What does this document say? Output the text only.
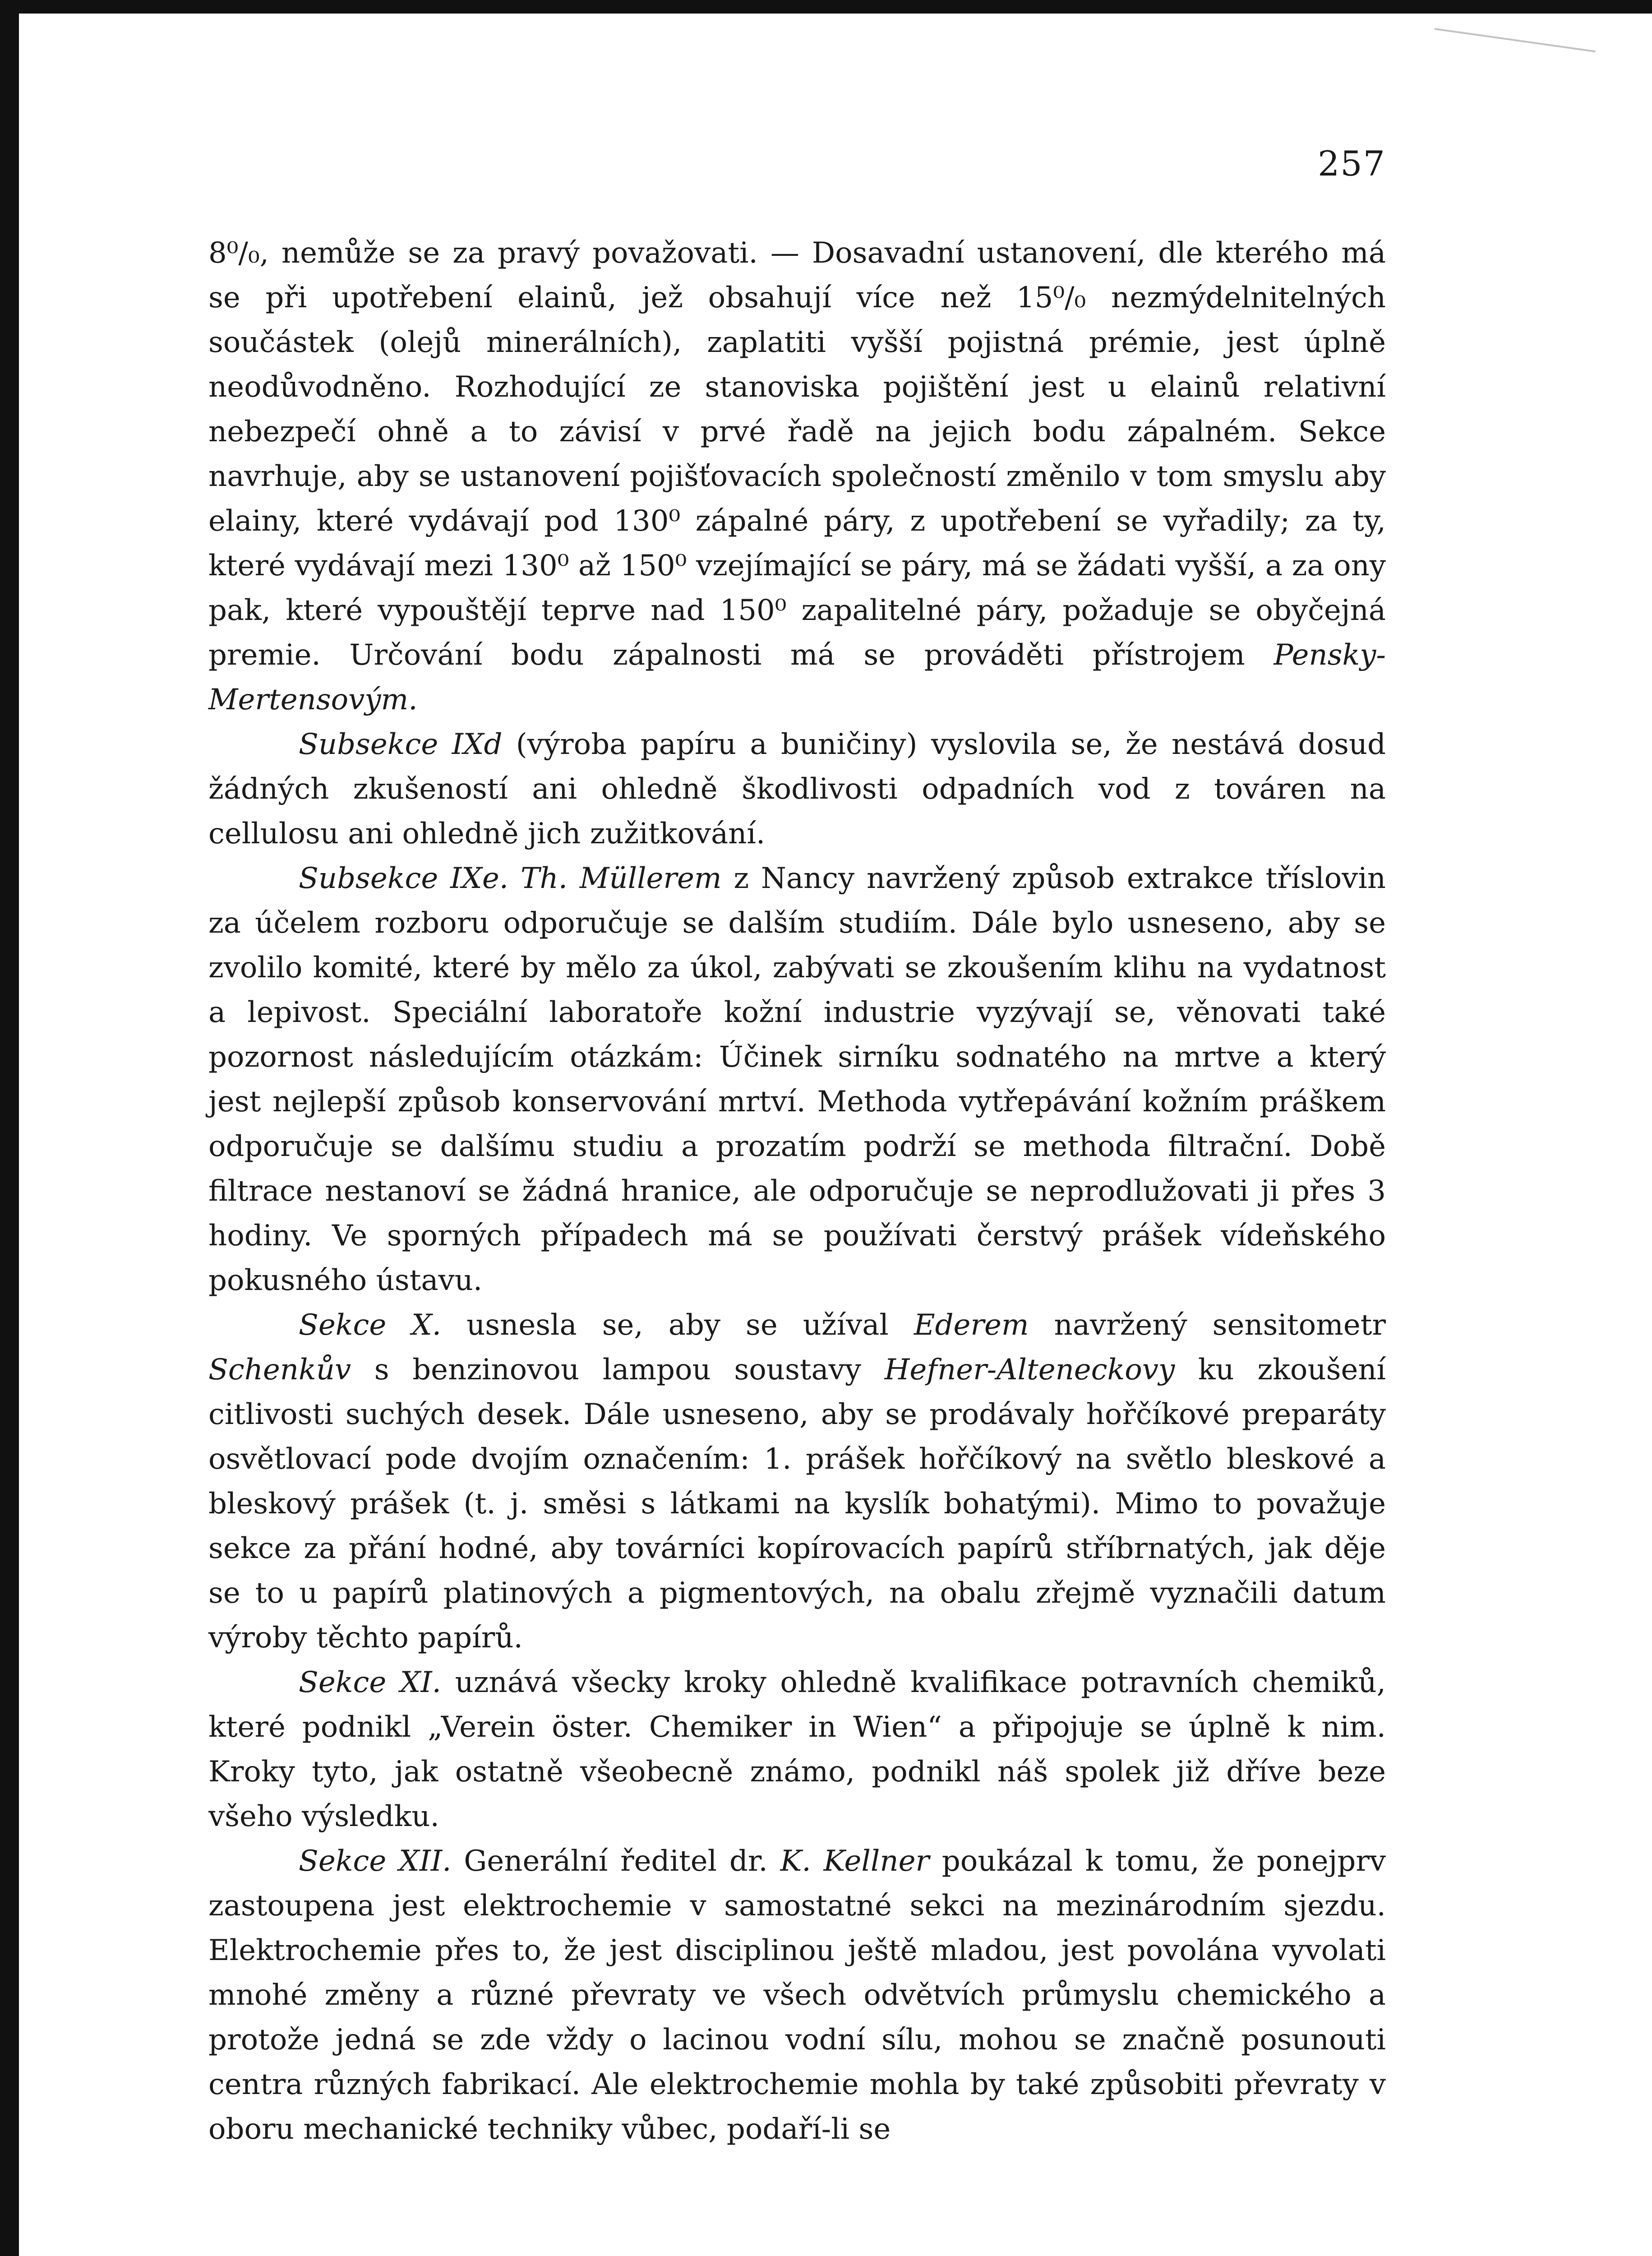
257

8⁰/₀, nemůže se za pravý považovati. — Dosavadní ustanovení, dle kterého má se při upotřebení elainů, jež obsahují více než 15⁰/₀ nezmýdelnitelných součástek (olejů minerálních), zaplatiti vyšší pojistná prémie, jest úplně neodůvodněno. Rozhodující ze stanoviska pojištění jest u elainů relativní nebezpečí ohně a to závisí v prvé řadě na jejich bodu zápalném. Sekce navrhuje, aby se ustanovení pojišťovacích společností změnilo v tom smyslu aby elainy, které vydávají pod 130⁰ zápalné páry, z upotřebení se vyřadily; za ty, které vydávají mezi 130⁰ až 150⁰ vzejímající se páry, má se žádati vyšší, a za ony pak, které vypouštějí teprve nad 150⁰ zapalitelné páry, požaduje se obyčejná premie. Určování bodu zápalnosti má se prováděti přístrojem Pensky-Mertensovým.

Subsekce IXd (výroba papíru a buničiny) vyslovila se, že nestává dosud žádných zkušeností ani ohledně škodlivosti odpadních vod z továren na cellulosu ani ohledně jich zužitkování.

Subsekce IXe. Th. Müllerem z Nancy navržený způsob extrakce tříslovin za účelem rozboru odporučuje se dalším studiím. Dále bylo usneseno, aby se zvolilo komité, které by mělo za úkol, zabývati se zkoušením klihu na vydatnost a lepivost. Speciální laboratoře kožní industrie vyzývají se, věnovati také pozornost následujícím otázkám: Účinek sirníku sodnatého na mrtve a který jest nejlepší způsob konservování mrtví. Methoda vytřepávání kožním práškem odporučuje se dalšímu studiu a prozatím podrží se methoda filtrační. Době filtrace nestanoví se žádná hranice, ale odporučuje se neprodlužovati ji přes 3 hodiny. Ve sporných případech má se používati čerstvý prášek vídeňského pokusného ústavu.

Sekce X. usnesla se, aby se užíval Ederem navržený sensitometr Schenkův s benzinovou lampou soustavy Hefner-Alteneckovy ku zkoušení citlivosti suchých desek. Dále usneseno, aby se prodávaly hořčíkové preparáty osvětlovací pode dvojím označením: 1. prášek hořčíkový na světlo bleskové a bleskový prášek (t. j. směsi s látkami na kyslík bohatými). Mimo to považuje sekce za přání hodné, aby továrníci kopírovacích papírů stříbrnatých, jak děje se to u papírů platinových a pigmentových, na obalu zřejmě vyznačili datum výroby těchto papírů.

Sekce XI. uznává všecky kroky ohledně kvalifikace potravních chemiků, které podnikl „Verein öster. Chemiker in Wien“ a připojuje se úplně k nim. Kroky tyto, jak ostatně všeobecně známo, podnikl náš spolek již dříve beze všeho výsledku.

Sekce XII. Generální ředitel dr. K. Kellner poukázal k tomu, že ponejprv zastoupena jest elektrochemie v samostatné sekci na mezinárodním sjezdu. Elektrochemie přes to, že jest disciplinou ještě mladou, jest povolána vyvolati mnohé změny a různé převraty ve všech odvětvích průmyslu chemického a protože jedná se zde vždy o lacinou vodní sílu, mohou se značně posunouti centra různých fabrikací. Ale elektrochemie mohla by také způsobiti převraty v oboru mechanické techniky vůbec, podaří-li se
